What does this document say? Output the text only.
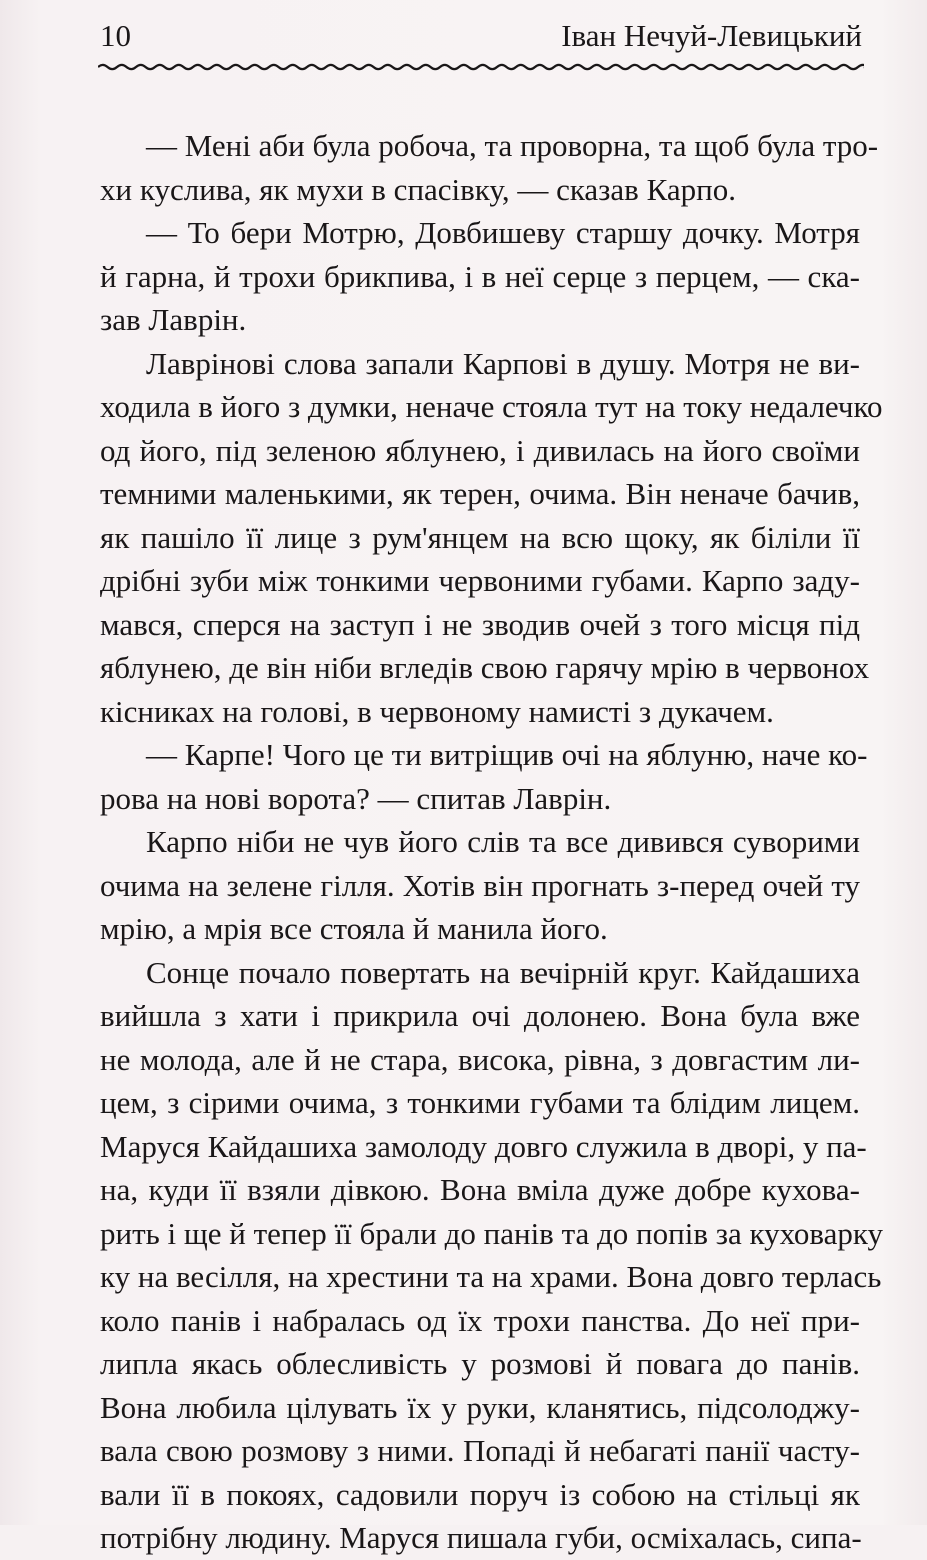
10	Іван Нечуй-Левицький
— Мені аби була робоча, та проворна, та щоб була тро-
хи куслива, як мухи в спасівку, — сказав Карпо.
— То бери Мотрю, Довбишеву старшу дочку. Мотря
й гарна, й трохи брикпива, і в неї серце з перцем, — ска-
зав Лаврін.
Лаврінові слова запали Карпові в душу. Мотря не ви-
ходила в його з думки, неначе стояла тут на току недалечко
од його, під зеленою яблунею, і дивилась на його своїми
темними маленькими, як терен, очима. Він неначе бачив,
як пашіло її лице з рум'янцем на всю щоку, як біліли її
дрібні зуби між тонкими червоними губами. Карпо заду-
мався, сперся на заступ і не зводив очей з того місця під
яблунею, де він ніби вгледів свою гарячу мрію в червонох
кісниках на голові, в червоному намисті з дукачем.
— Карпе! Чого це ти витріщив очі на яблуню, наче ко-
рова на нові ворота? — спитав Лаврін.
Карпо ніби не чув його слів та все дивився суворими
очима на зелене гілля. Хотів він прогнать з-перед очей ту
мрію, а мрія все стояла й манила його.
Сонце почало повертать на вечірній круг. Кайдашиха
вийшла з хати і прикрила очі долонею. Вона була вже
не молода, але й не стара, висока, рівна, з довгастим ли-
цем, з сірими очима, з тонкими губами та блідим лицем.
Маруся Кайдашиха замолоду довго служила в дворі, у па-
на, куди її взяли дівкою. Вона вміла дуже добре кухова-
рить і ще й тепер її брали до панів та до попів за куховарку
ку на весілля, на хрестини та на храми. Вона довго терлась
коло панів і набралась од їх трохи панства. До неї при-
липла якась облесливість у розмові й повага до панів.
Вона любила цілувать їх у руки, кланятись, підсолоджу-
вала свою розмову з ними. Попаді й небагаті панії часту-
вали її в покоях, садовили поруч із собою на стільці як
потрібну людину. Маруся пишала губи, осміхалась, сипа-
